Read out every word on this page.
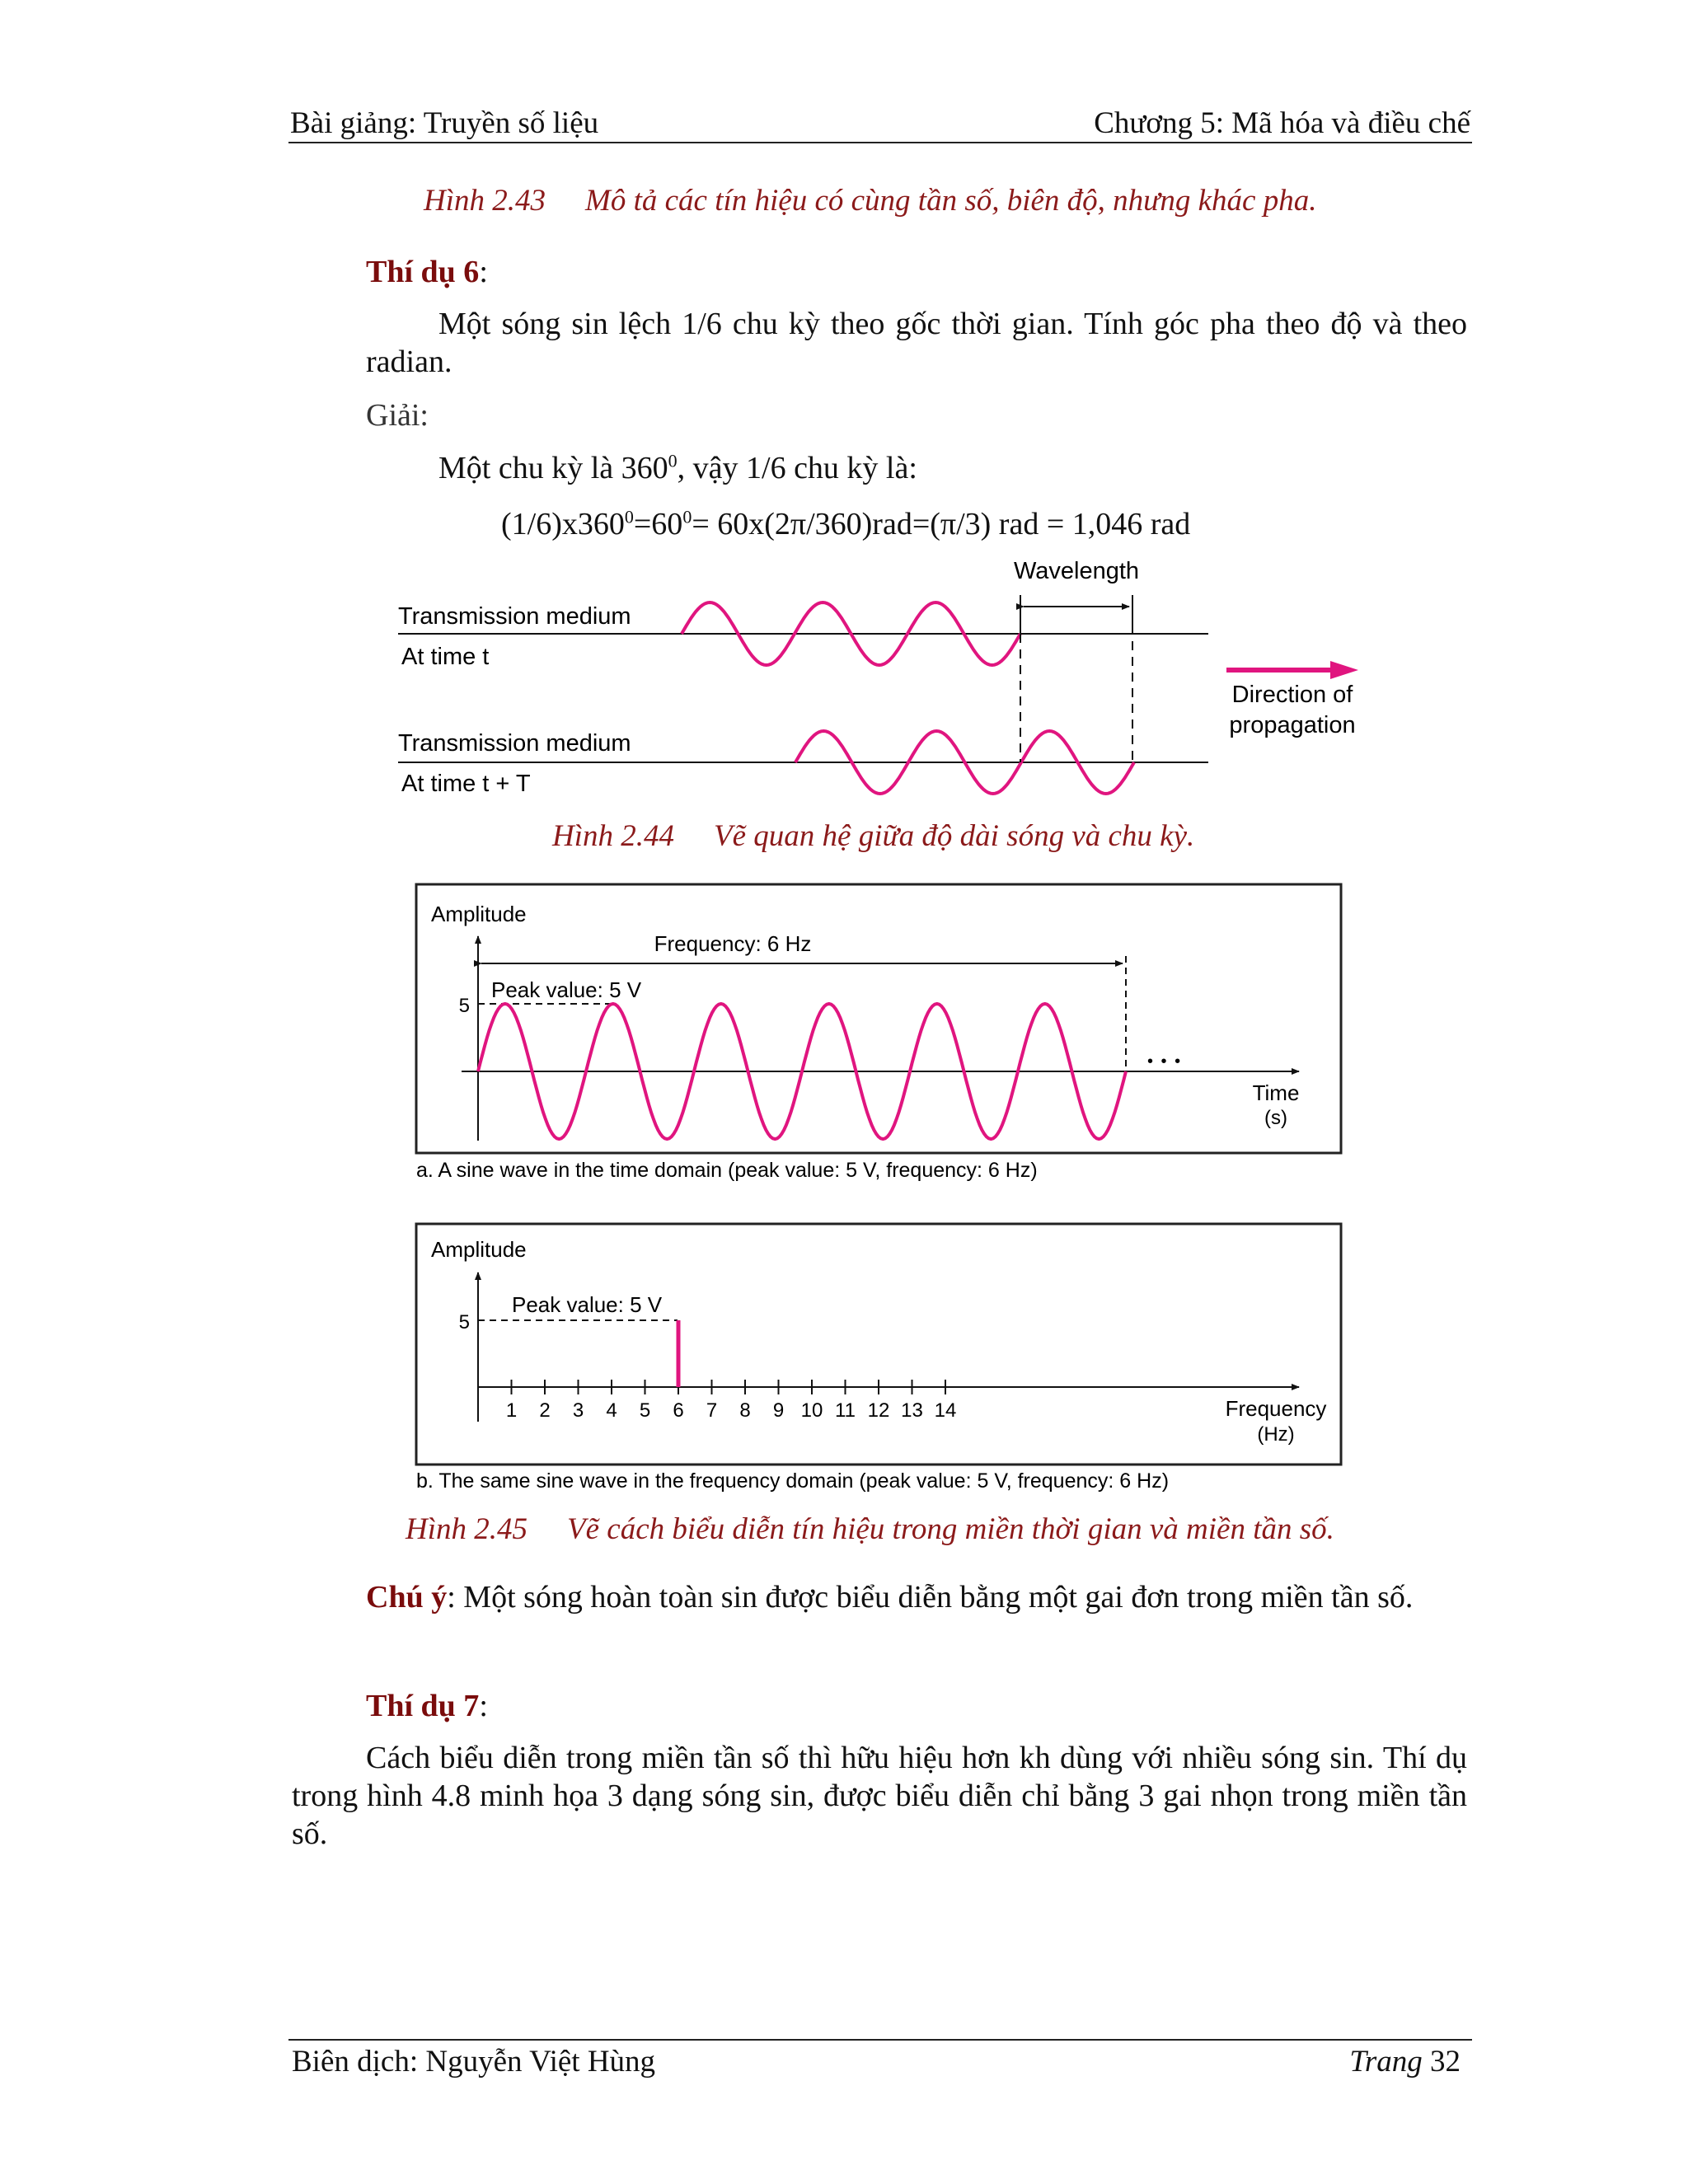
Bài giảng: Truyền số liệu	Chương 5: Mã hóa và điều chế
Hình 2.43 Mô tả các tín hiệu có cùng tần số, biên độ, nhưng khác pha.
Thí dụ 6:
Một sóng sin lệch 1/6 chu kỳ theo gốc thời gian. Tính góc pha theo độ và theo radian.
Giải:
Một chu kỳ là $360^0$, vậy 1/6 chu kỳ là:
$(1/6)x360^0=60^0= 60x(2\pi/360)rad=(\pi/3)$ rad = 1,046 rad
Wavelength
Transmission medium
At time t
Transmission medium
At time t + T
Direction of
propagation
Hình 2.44 Vẽ quan hệ giữa độ dài sóng và chu kỳ.
Amplitude
Frequency: 6 Hz
Peak value: 5 V
5
• • •
Time
(s)
a. A sine wave in the time domain (peak value: 5 V, frequency: 6 Hz)
Amplitude
Peak value: 5 V
5
1 2 3 4 5 6 7 8 9 10 11 12 13 14	Frequency
(Hz)
b. The same sine wave in the frequency domain (peak value: 5 V, frequency: 6 Hz)
Hình 2.45 Vẽ cách biểu diễn tín hiệu trong miền thời gian và miền tần số.
Chú ý: Một sóng hoàn toàn sin được biểu diễn bằng một gai đơn trong miền tần số.
Thí dụ 7:
Cách biểu diễn trong miền tần số thì hữu hiệu hơn kh dùng với nhiều sóng sin. Thí dụ trong hình 4.8 minh họa 3 dạng sóng sin, được biểu diễn chỉ bằng 3 gai nhọn trong miền tần số.
Biên dịch: Nguyễn Việt Hùng	Trang 32
